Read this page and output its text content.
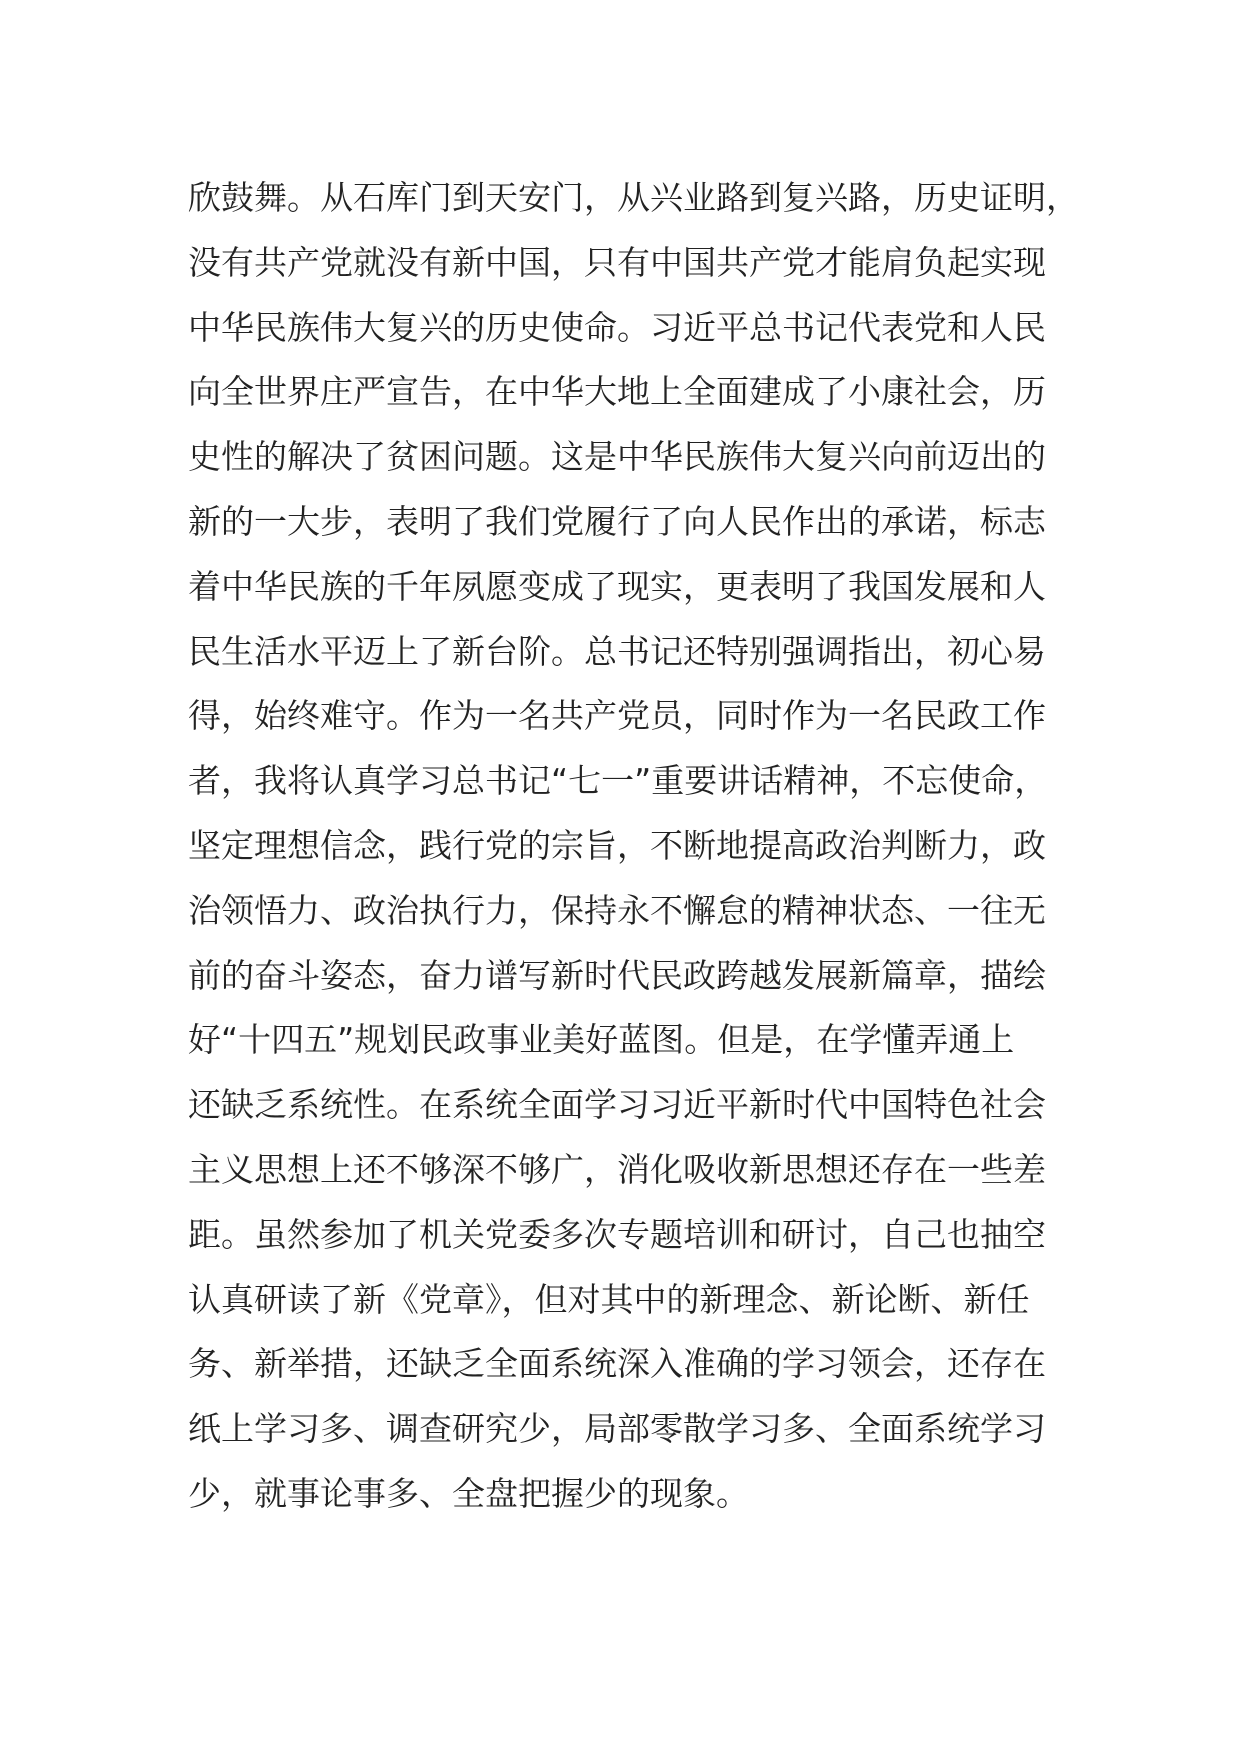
欣鼓舞。从石库门到天安门，从兴业路到复兴路，历史证明，
没有共产党就没有新中国，只有中国共产党才能肩负起实现
中华民族伟大复兴的历史使命。习近平总书记代表党和人民
向全世界庄严宣告，在中华大地上全面建成了小康社会，历
史性的解决了贫困问题。这是中华民族伟大复兴向前迈出的
新的一大步，表明了我们党履行了向人民作出的承诺，标志
着中华民族的千年夙愿变成了现实，更表明了我国发展和人
民生活水平迈上了新台阶。总书记还特别强调指出，初心易
得，始终难守。作为一名共产党员，同时作为一名民政工作
者，我将认真学习总书记“七一”重要讲话精神，不忘使命，
坚定理想信念，践行党的宗旨，不断地提高政治判断力，政
治领悟力、政治执行力，保持永不懈怠的精神状态、一往无
前的奋斗姿态，奋力谱写新时代民政跨越发展新篇章，描绘
好“十四五”规划民政事业美好蓝图。但是，在学懂弄通上
还缺乏系统性。在系统全面学习习近平新时代中国特色社会
主义思想上还不够深不够广，消化吸收新思想还存在一些差
距。虽然参加了机关党委多次专题培训和研讨，自己也抽空
认真研读了新《党章》，但对其中的新理念、新论断、新任
务、新举措，还缺乏全面系统深入准确的学习领会，还存在
纸上学习多、调查研究少，局部零散学习多、全面系统学习
少，就事论事多、全盘把握少的现象。
